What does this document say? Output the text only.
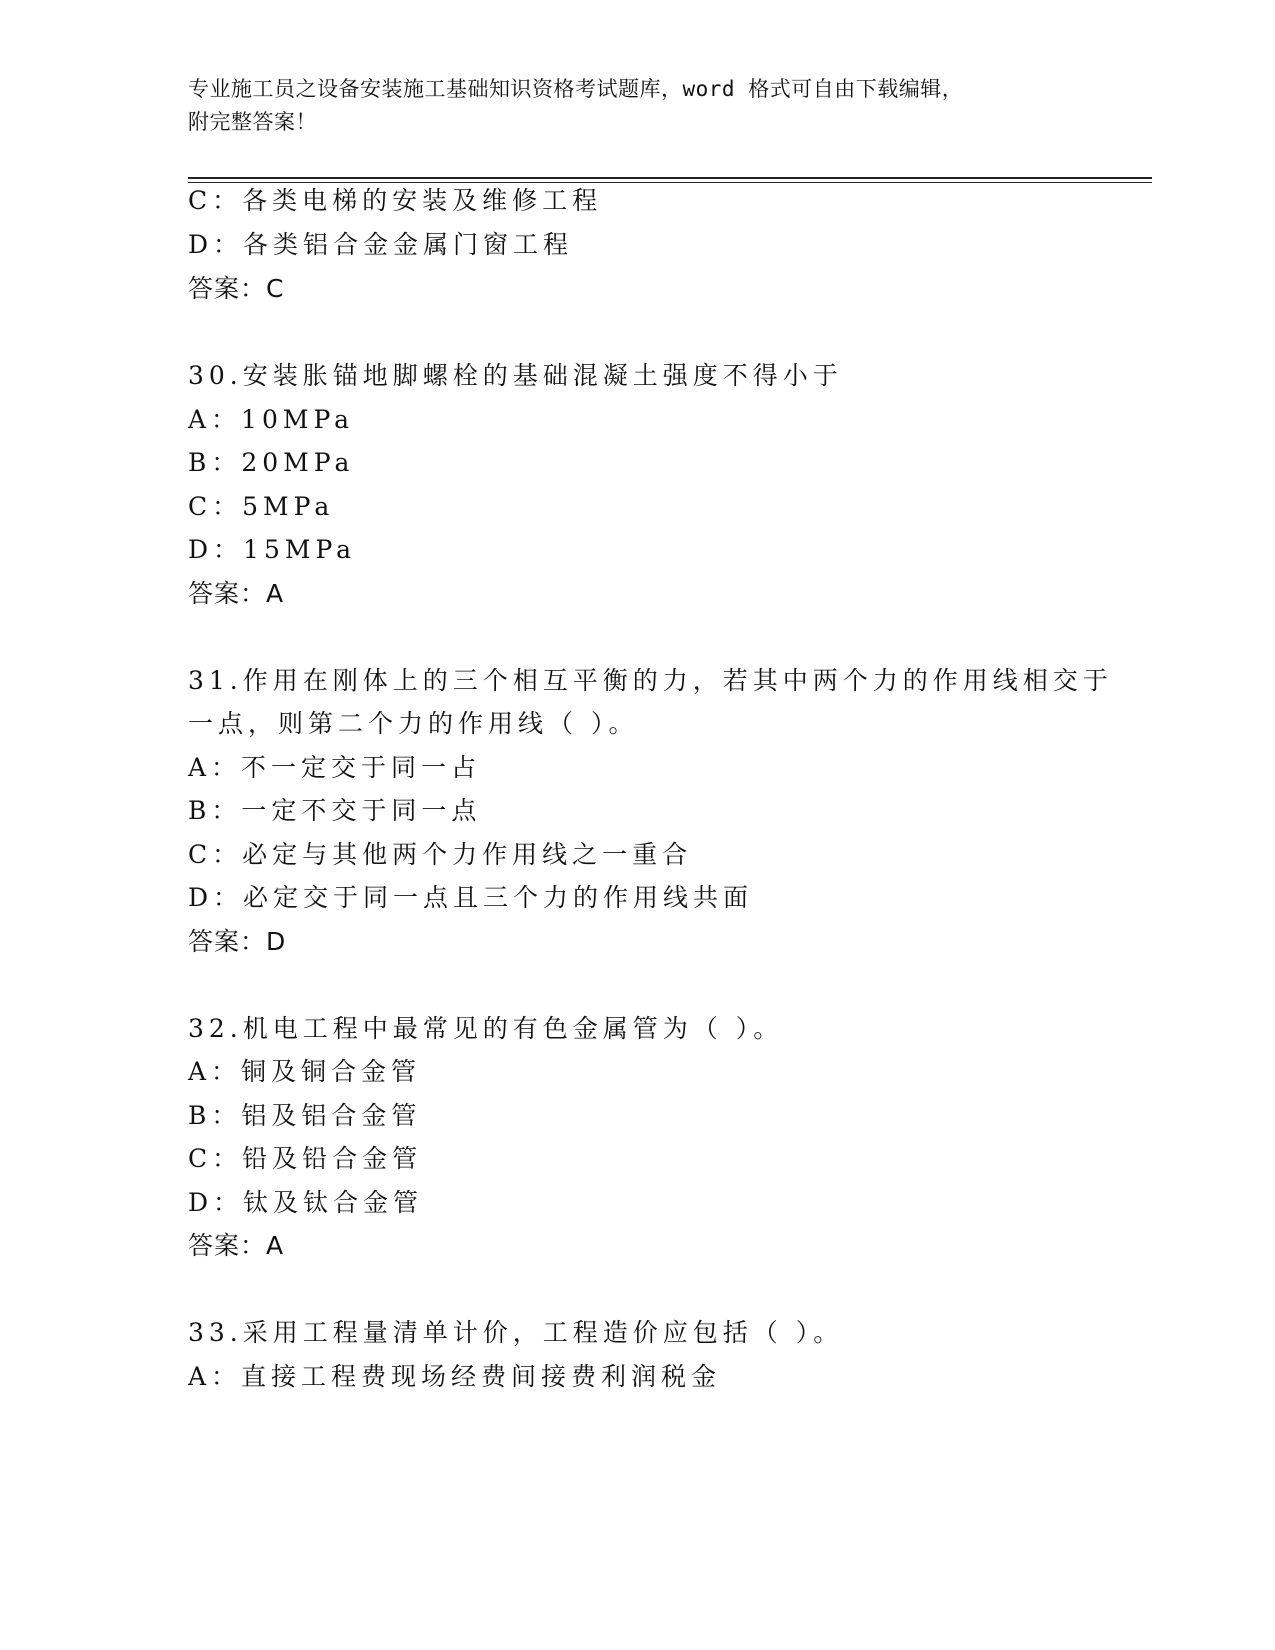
专业施工员之设备安装施工基础知识资格考试题库，word 格式可自由下载编辑，
附完整答案！
C：各类电梯的安装及维修工程
D：各类铝合金金属门窗工程
答案：C
30.安装胀锚地脚螺栓的基础混凝土强度不得小于
A：10MPa
B：20MPa
C：5MPa
D：15MPa
答案：A
31.作用在刚体上的三个相互平衡的力，若其中两个力的作用线相交于
一点，则第二个力的作用线（ ）。
A：不一定交于同一占
B：一定不交于同一点
C：必定与其他两个力作用线之一重合
D：必定交于同一点且三个力的作用线共面
答案：D
32.机电工程中最常见的有色金属管为（ ）。
A：铜及铜合金管
B：铝及铝合金管
C：铅及铅合金管
D：钛及钛合金管
答案：A
33.采用工程量清单计价，工程造价应包括（ ）。
A：直接工程费现场经费间接费利润税金
